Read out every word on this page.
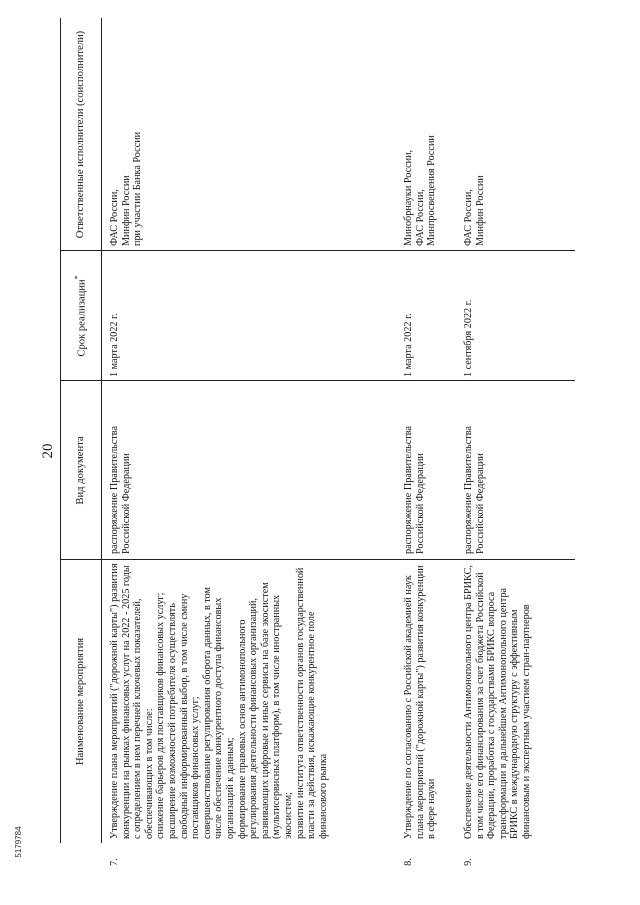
20
5179784
Наименование мероприятия
Вид документа
Срок реализации*
Ответственные исполнители (соисполнители)
7.

Утверждение плана мероприятий ("дорожной карты") развития конкуренции на рынках финансовых услуг на 2022 - 2025 годы с определением в нем перечней ключевых показателей, обеспечивающих в том числе: снижение барьеров для поставщиков финансовых услуг; расширение возможностей потребителя осуществлять свободный информированный выбор, в том числе смену поставщиков финансовых услуг; совершенствование регулирования оборота данных, в том числе обеспечение конкурентного доступа финансовых организаций к данным; формирование правовых основ антимонопольного регулирования деятельности финансовых организаций, развивающих цифровые и иные сервисы на базе экосистем (мультисервисных платформ), в том числе иностранных экосистем; развитие института ответственности органов государственной власти за действия, искажающие конкурентное поле финансового рынка

распоряжение Правительства Российской Федерации
1 марта 2022 г.
ФАС России,
Минфин России
при участии Банка России
8.
Утверждение по согласованию с Российской академией наук плана мероприятий ("дорожной карты") развития конкуренции в сфере науки
распоряжение Правительства Российской Федерации
1 марта 2022 г.
Минобрнауки России,
ФАС России,
Минпросвещения России
9.
Обеспечение деятельности Антимонопольного центра БРИКС, в том числе его финансирования за счет бюджета Российской Федерации, проработка с государствами БРИКС вопроса трансформации в дальнейшем Антимонопольного центра БРИКС в международную структуру с эффективным финансовым и экспертным участием стран-партнеров
распоряжение Правительства Российской Федерации
1 сентября 2022 г.
ФАС России,
Минфин России
